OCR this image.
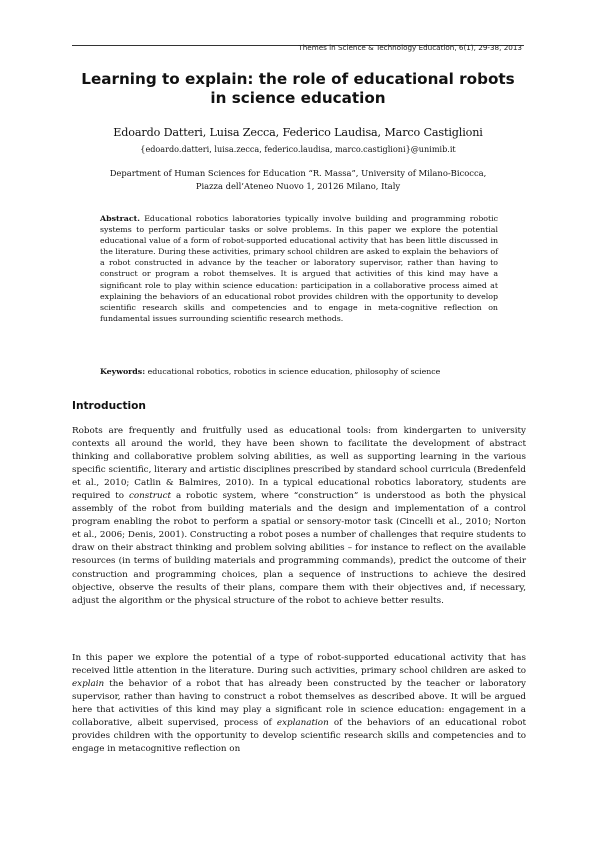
Themes in Science & Technology Education, 6(1), 29-38, 2013
Learning to explain: the role of educational robots in science education
Edoardo Datteri, Luisa Zecca, Federico Laudisa, Marco Castiglioni
{edoardo.datteri, luisa.zecca, federico.laudisa, marco.castiglioni}@unimib.it
Department of Human Sciences for Education “R. Massa”, University of Milano-Bicocca,
Piazza dell’Ateneo Nuovo 1, 20126 Milano, Italy
Abstract. Educational robotics laboratories typically involve building and programming robotic systems to perform particular tasks or solve problems. In this paper we explore the potential educational value of a form of robot-supported educational activity that has been little discussed in the literature. During these activities, primary school children are asked to explain the behaviors of a robot constructed in advance by the teacher or laboratory supervisor, rather than having to construct or program a robot themselves. It is argued that activities of this kind may have a significant role to play within science education: participation in a collaborative process aimed at explaining the behaviors of an educational robot provides children with the opportunity to develop scientific research skills and competencies and to engage in meta-cognitive reflection on fundamental issues surrounding scientific research methods.
Keywords: educational robotics, robotics in science education, philosophy of science
Introduction
Robots are frequently and fruitfully used as educational tools: from kindergarten to university contexts all around the world, they have been shown to facilitate the development of abstract thinking and collaborative problem solving abilities, as well as supporting learning in the various specific scientific, literary and artistic disciplines prescribed by standard school curricula (Bredenfeld et al., 2010; Catlin & Balmires, 2010). In a typical educational robotics laboratory, students are required to construct a robotic system, where “construction” is understood as both the physical assembly of the robot from building materials and the design and implementation of a control program enabling the robot to perform a spatial or sensory-motor task (Cincelli et al., 2010; Norton et al., 2006; Denis, 2001). Constructing a robot poses a number of challenges that require students to draw on their abstract thinking and problem solving abilities – for instance to reflect on the available resources (in terms of building materials and programming commands), predict the outcome of their construction and programming choices, plan a sequence of instructions to achieve the desired objective, observe the results of their plans, compare them with their objectives and, if necessary, adjust the algorithm or the physical structure of the robot to achieve better results.
In this paper we explore the potential of a type of robot-supported educational activity that has received little attention in the literature. During such activities, primary school children are asked to explain the behavior of a robot that has already been constructed by the teacher or laboratory supervisor, rather than having to construct a robot themselves as described above. It will be argued here that activities of this kind may play a significant role in science education: engagement in a collaborative, albeit supervised, process of explanation of the behaviors of an educational robot provides children with the opportunity to develop scientific research skills and competencies and to engage in metacognitive reflection on
